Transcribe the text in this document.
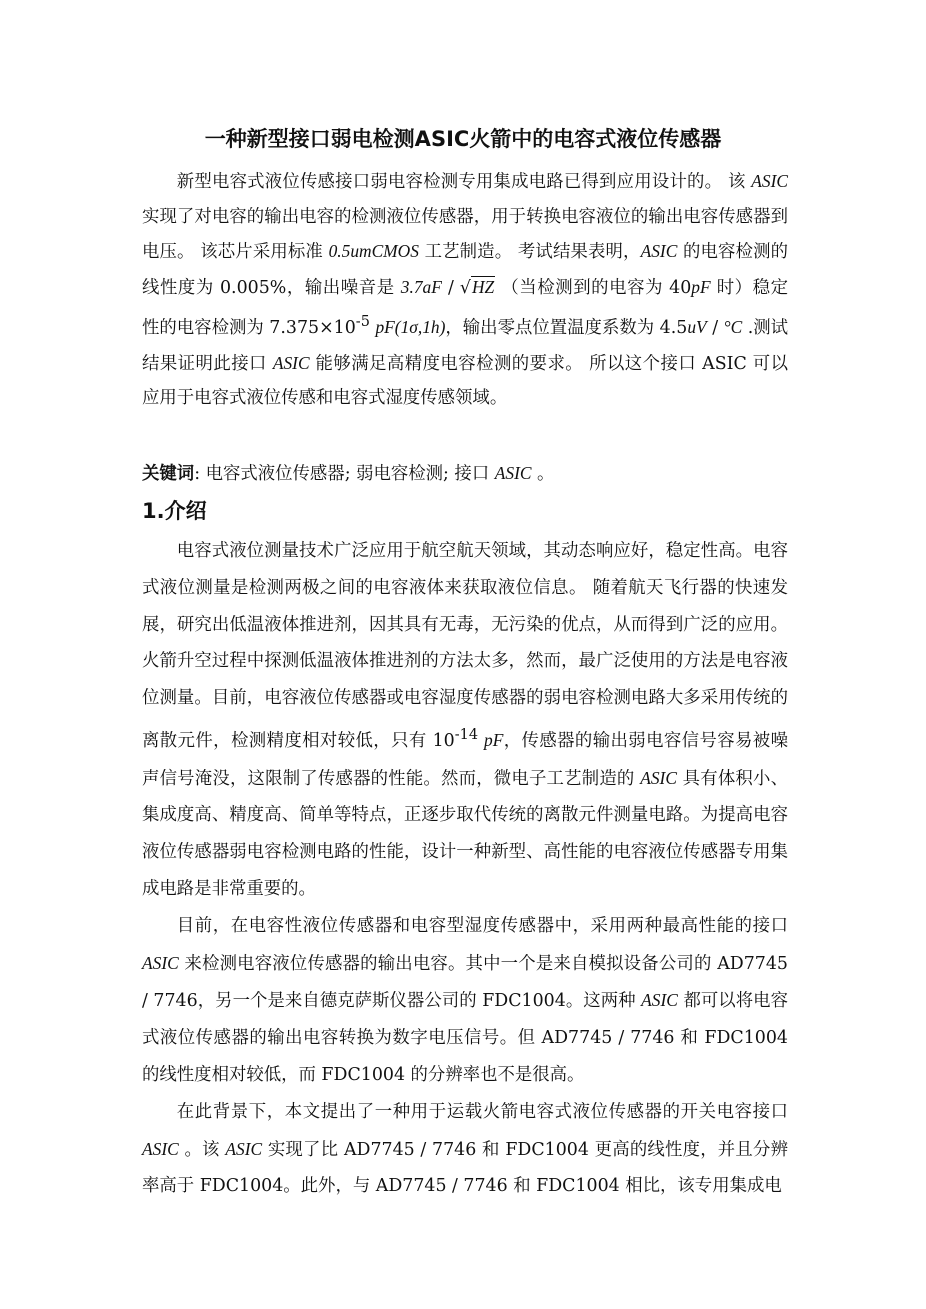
一种新型接口弱电检测ASIC火箭中的电容式液位传感器
新型电容式液位传感接口弱电容检测专用集成电路已得到应用设计的。 该 ASIC 实现了对电容的输出电容的检测液位传感器，用于转换电容液位的输出电容传感器到电压。 该芯片采用标准 0.5umCMOS 工艺制造。 考试结果表明，ASIC 的电容检测的线性度为 0.005%，输出噪音是 3.7aF / √HZ （当检测到的电容为 40pF 时）稳定性的电容检测为 $7.375\times 10^{-5}$ pF(1σ,1h)，输出零点位置温度系数为 4.5uV / °C .测试结果证明此接口 ASIC 能够满足高精度电容检测的要求。 所以这个接口 ASIC 可以应用于电容式液位传感和电容式湿度传感领域。
关键词: 电容式液位传感器; 弱电容检测; 接口 ASIC 。
1.介绍

电容式液位测量技术广泛应用于航空航天领域，其动态响应好，稳定性高。电容式液位测量是检测两极之间的电容液体来获取液位信息。 随着航天飞行器的快速发展，研究出低温液体推进剂，因其具有无毒，无污染的优点，从而得到广泛的应用。火箭升空过程中探测低温液体推进剂的方法太多，然而，最广泛使用的方法是电容液位测量。目前，电容液位传感器或电容湿度传感器的弱电容检测电路大多采用传统的离散元件，检测精度相对较低，只有 $10^{-14}$ pF，传感器的输出弱电容信号容易被噪声信号淹没，这限制了传感器的性能。然而，微电子工艺制造的 ASIC 具有体积小、集成度高、精度高、简单等特点，正逐步取代传统的离散元件测量电路。为提高电容液位传感器弱电容检测电路的性能，设计一种新型、高性能的电容液位传感器专用集成电路是非常重要的。

目前，在电容性液位传感器和电容型湿度传感器中，采用两种最高性能的接口 ASIC 来检测电容液位传感器的输出电容。其中一个是来自模拟设备公司的 AD7745 / 7746，另一个是来自德克萨斯仪器公司的 FDC1004。这两种 ASIC 都可以将电容式液位传感器的输出电容转换为数字电压信号。但 AD7745 / 7746 和 FDC1004 的线性度相对较低，而 FDC1004 的分辨率也不是很高。

在此背景下，本文提出了一种用于运载火箭电容式液位传感器的开关电容接口 ASIC 。该 ASIC 实现了比 AD7745 / 7746 和 FDC1004 更高的线性度，并且分辨率高于 FDC1004。此外，与 AD7745 / 7746 和 FDC1004 相比，该专用集成电
